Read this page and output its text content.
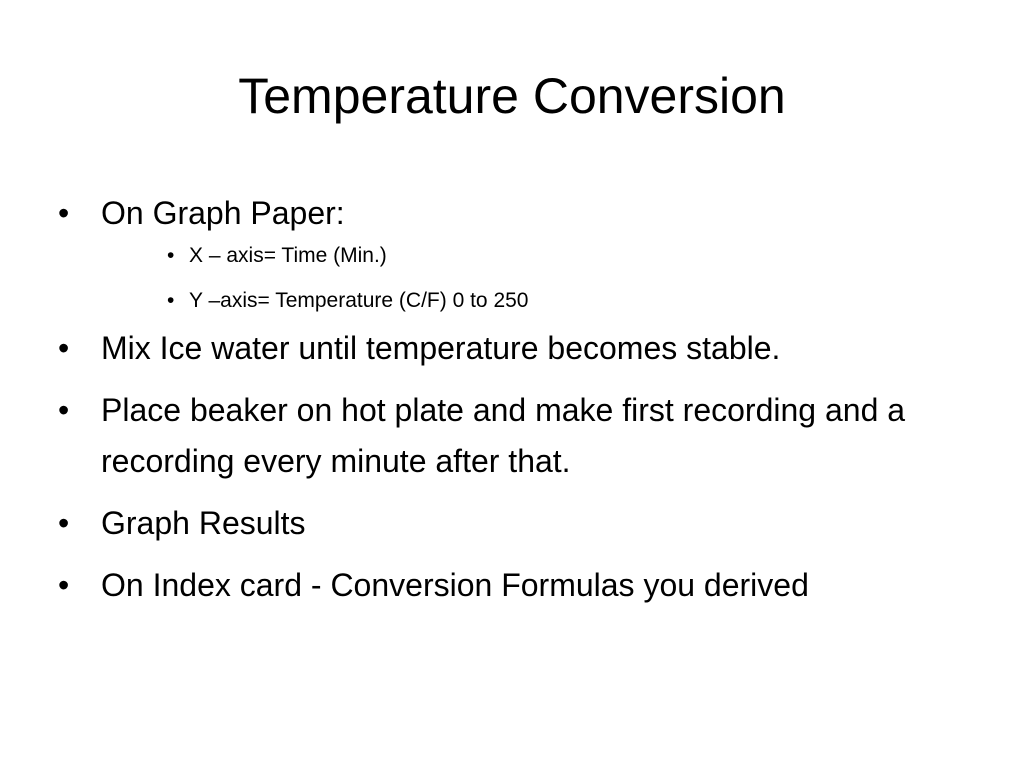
Temperature Conversion
• On Graph Paper:
• X – axis= Time (Min.)
• Y –axis= Temperature (C/F) 0 to 250
• Mix Ice water until temperature becomes stable.
• Place beaker on hot plate and make first recording and a recording every minute after that.
• Graph Results
• On Index card - Conversion Formulas you derived
